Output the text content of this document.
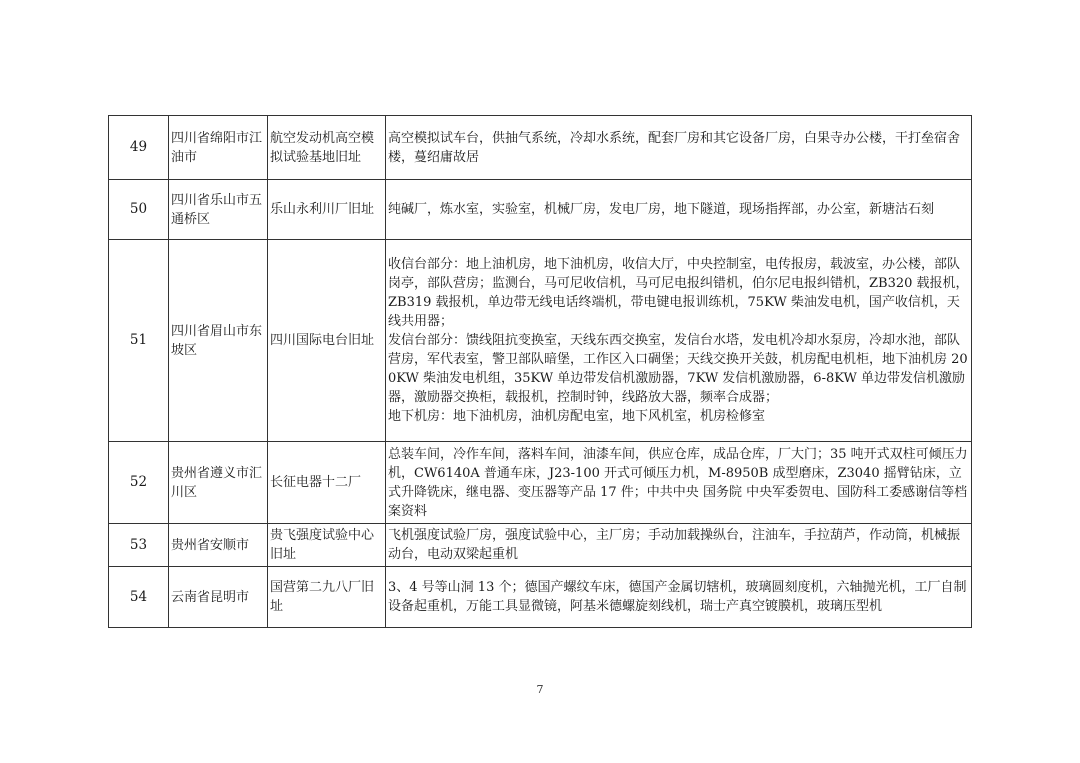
49	四川省绵阳市江油市	航空发动机高空模拟试验基地旧址	高空模拟试车台，供抽气系统，冷却水系统，配套厂房和其它设备厂房，白果寺办公楼，干打垒宿舍楼，蔓绍庸故居

50	四川省乐山市五通桥区	乐山永利川厂旧址	纯碱厂，炼水室，实验室，机械厂房，发电厂房，地下隧道，现场指挥部，办公室，新塘沽石刻

51	四川省眉山市东坡区	四川国际电台旧址	收信台部分：地上油机房，地下油机房，收信大厅，中央控制室，电传报房，载波室，办公楼，部队岗亭，部队营房；监测台，马可尼收信机，马可尼电报纠错机，伯尔尼电报纠错机，ZB320 载报机，ZB319 载报机，单边带无线电话终端机，带电键电报训练机，75KW 柴油发电机，国产收信机，天线共用器；
发信台部分：馈线阻抗变换室，天线东西交换室，发信台水塔，发电机冷却水泵房，冷却水池，部队营房，军代表室，警卫部队暗堡，工作区入口碉堡；天线交换开关鼓，机房配电机柜，地下油机房 200KW 柴油发电机组，35KW 单边带发信机激励器，7KW 发信机激励器，6-8KW 单边带发信机激励器，激励器交换柜，载报机，控制时钟，线路放大器，频率合成器；
地下机房：地下油机房，油机房配电室，地下风机室，机房检修室

52	贵州省遵义市汇川区	长征电器十二厂	总装车间，冷作车间，落料车间，油漆车间，供应仓库，成品仓库，厂大门；35 吨开式双柱可倾压力机，CW6140A 普通车床，J23-100 开式可倾压力机，M-8950B 成型磨床，Z3040 摇臂钻床，立式升降铣床，继电器、变压器等产品 17 件；中共中央 国务院 中央军委贺电、国防科工委感谢信等档案资料

53	贵州省安顺市	贵飞强度试验中心旧址	飞机强度试验厂房，强度试验中心，主厂房；手动加载操纵台，注油车，手拉葫芦，作动筒，机械振动台，电动双梁起重机

54	云南省昆明市	国营第二九八厂旧址	3、4 号等山洞 13 个；德国产螺纹车床，德国产金属切辖机，玻璃圆刻度机，六轴抛光机，工厂自制设备起重机，万能工具显微镜，阿基米德螺旋刻线机，瑞士产真空镀膜机，玻璃压型机
7
